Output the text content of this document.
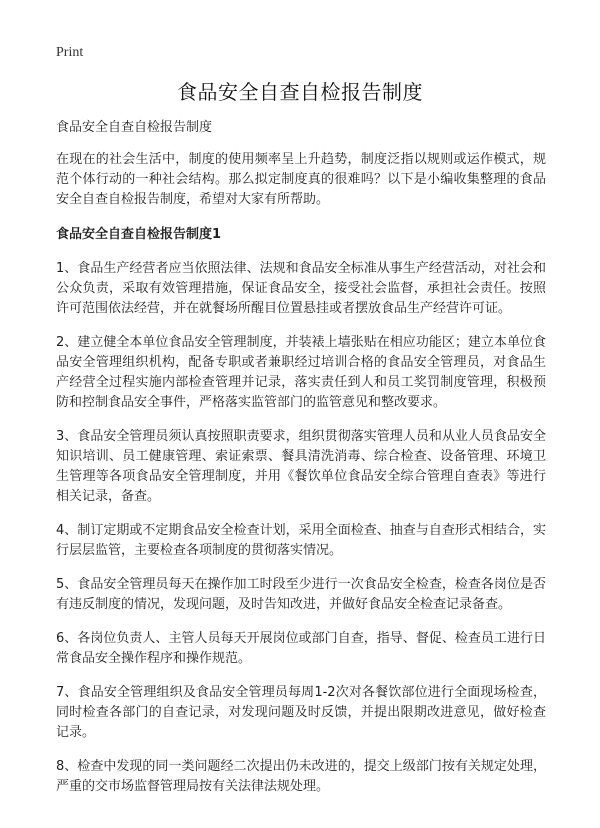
Print
食品安全自查自检报告制度

食品安全自查自检报告制度

在现在的社会生活中，制度的使用频率呈上升趋势，制度泛指以规则或运作模式，规范个体行动的一种社会结构。那么拟定制度真的很难吗？以下是小编收集整理的食品安全自查自检报告制度，希望对大家有所帮助。

食品安全自查自检报告制度1

1、食品生产经营者应当依照法律、法规和食品安全标准从事生产经营活动，对社会和公众负责，采取有效管理措施，保证食品安全，接受社会监督，承担社会责任。按照许可范围依法经营，并在就餐场所醒目位置悬挂或者摆放食品生产经营许可证。

2、建立健全本单位食品安全管理制度，并装裱上墙张贴在相应功能区；建立本单位食品安全管理组织机构，配备专职或者兼职经过培训合格的食品安全管理员，对食品生产经营全过程实施内部检查管理并记录，落实责任到人和员工奖罚制度管理，积极预防和控制食品安全事件，严格落实监管部门的监管意见和整改要求。

3、食品安全管理员须认真按照职责要求，组织贯彻落实管理人员和从业人员食品安全知识培训、员工健康管理、索证索票、餐具清洗消毒、综合检查、设备管理、环境卫生管理等各项食品安全管理制度，并用《餐饮单位食品安全综合管理自查表》等进行相关记录，备查。

4、制订定期或不定期食品安全检查计划，采用全面检查、抽查与自查形式相结合，实行层层监管，主要检查各项制度的贯彻落实情况。

5、食品安全管理员每天在操作加工时段至少进行一次食品安全检查，检查各岗位是否有违反制度的情况，发现问题，及时告知改进，并做好食品安全检查记录备查。

6、各岗位负责人、主管人员每天开展岗位或部门自查，指导、督促、检查员工进行日常食品安全操作程序和操作规范。

7、食品安全管理组织及食品安全管理员每周1-2次对各餐饮部位进行全面现场检查，同时检查各部门的自查记录，对发现问题及时反馈，并提出限期改进意见，做好检查记录。

8、检查中发现的同一类问题经二次提出仍未改进的，提交上级部门按有关规定处理，严重的交市场监督管理局按有关法律法规处理。
